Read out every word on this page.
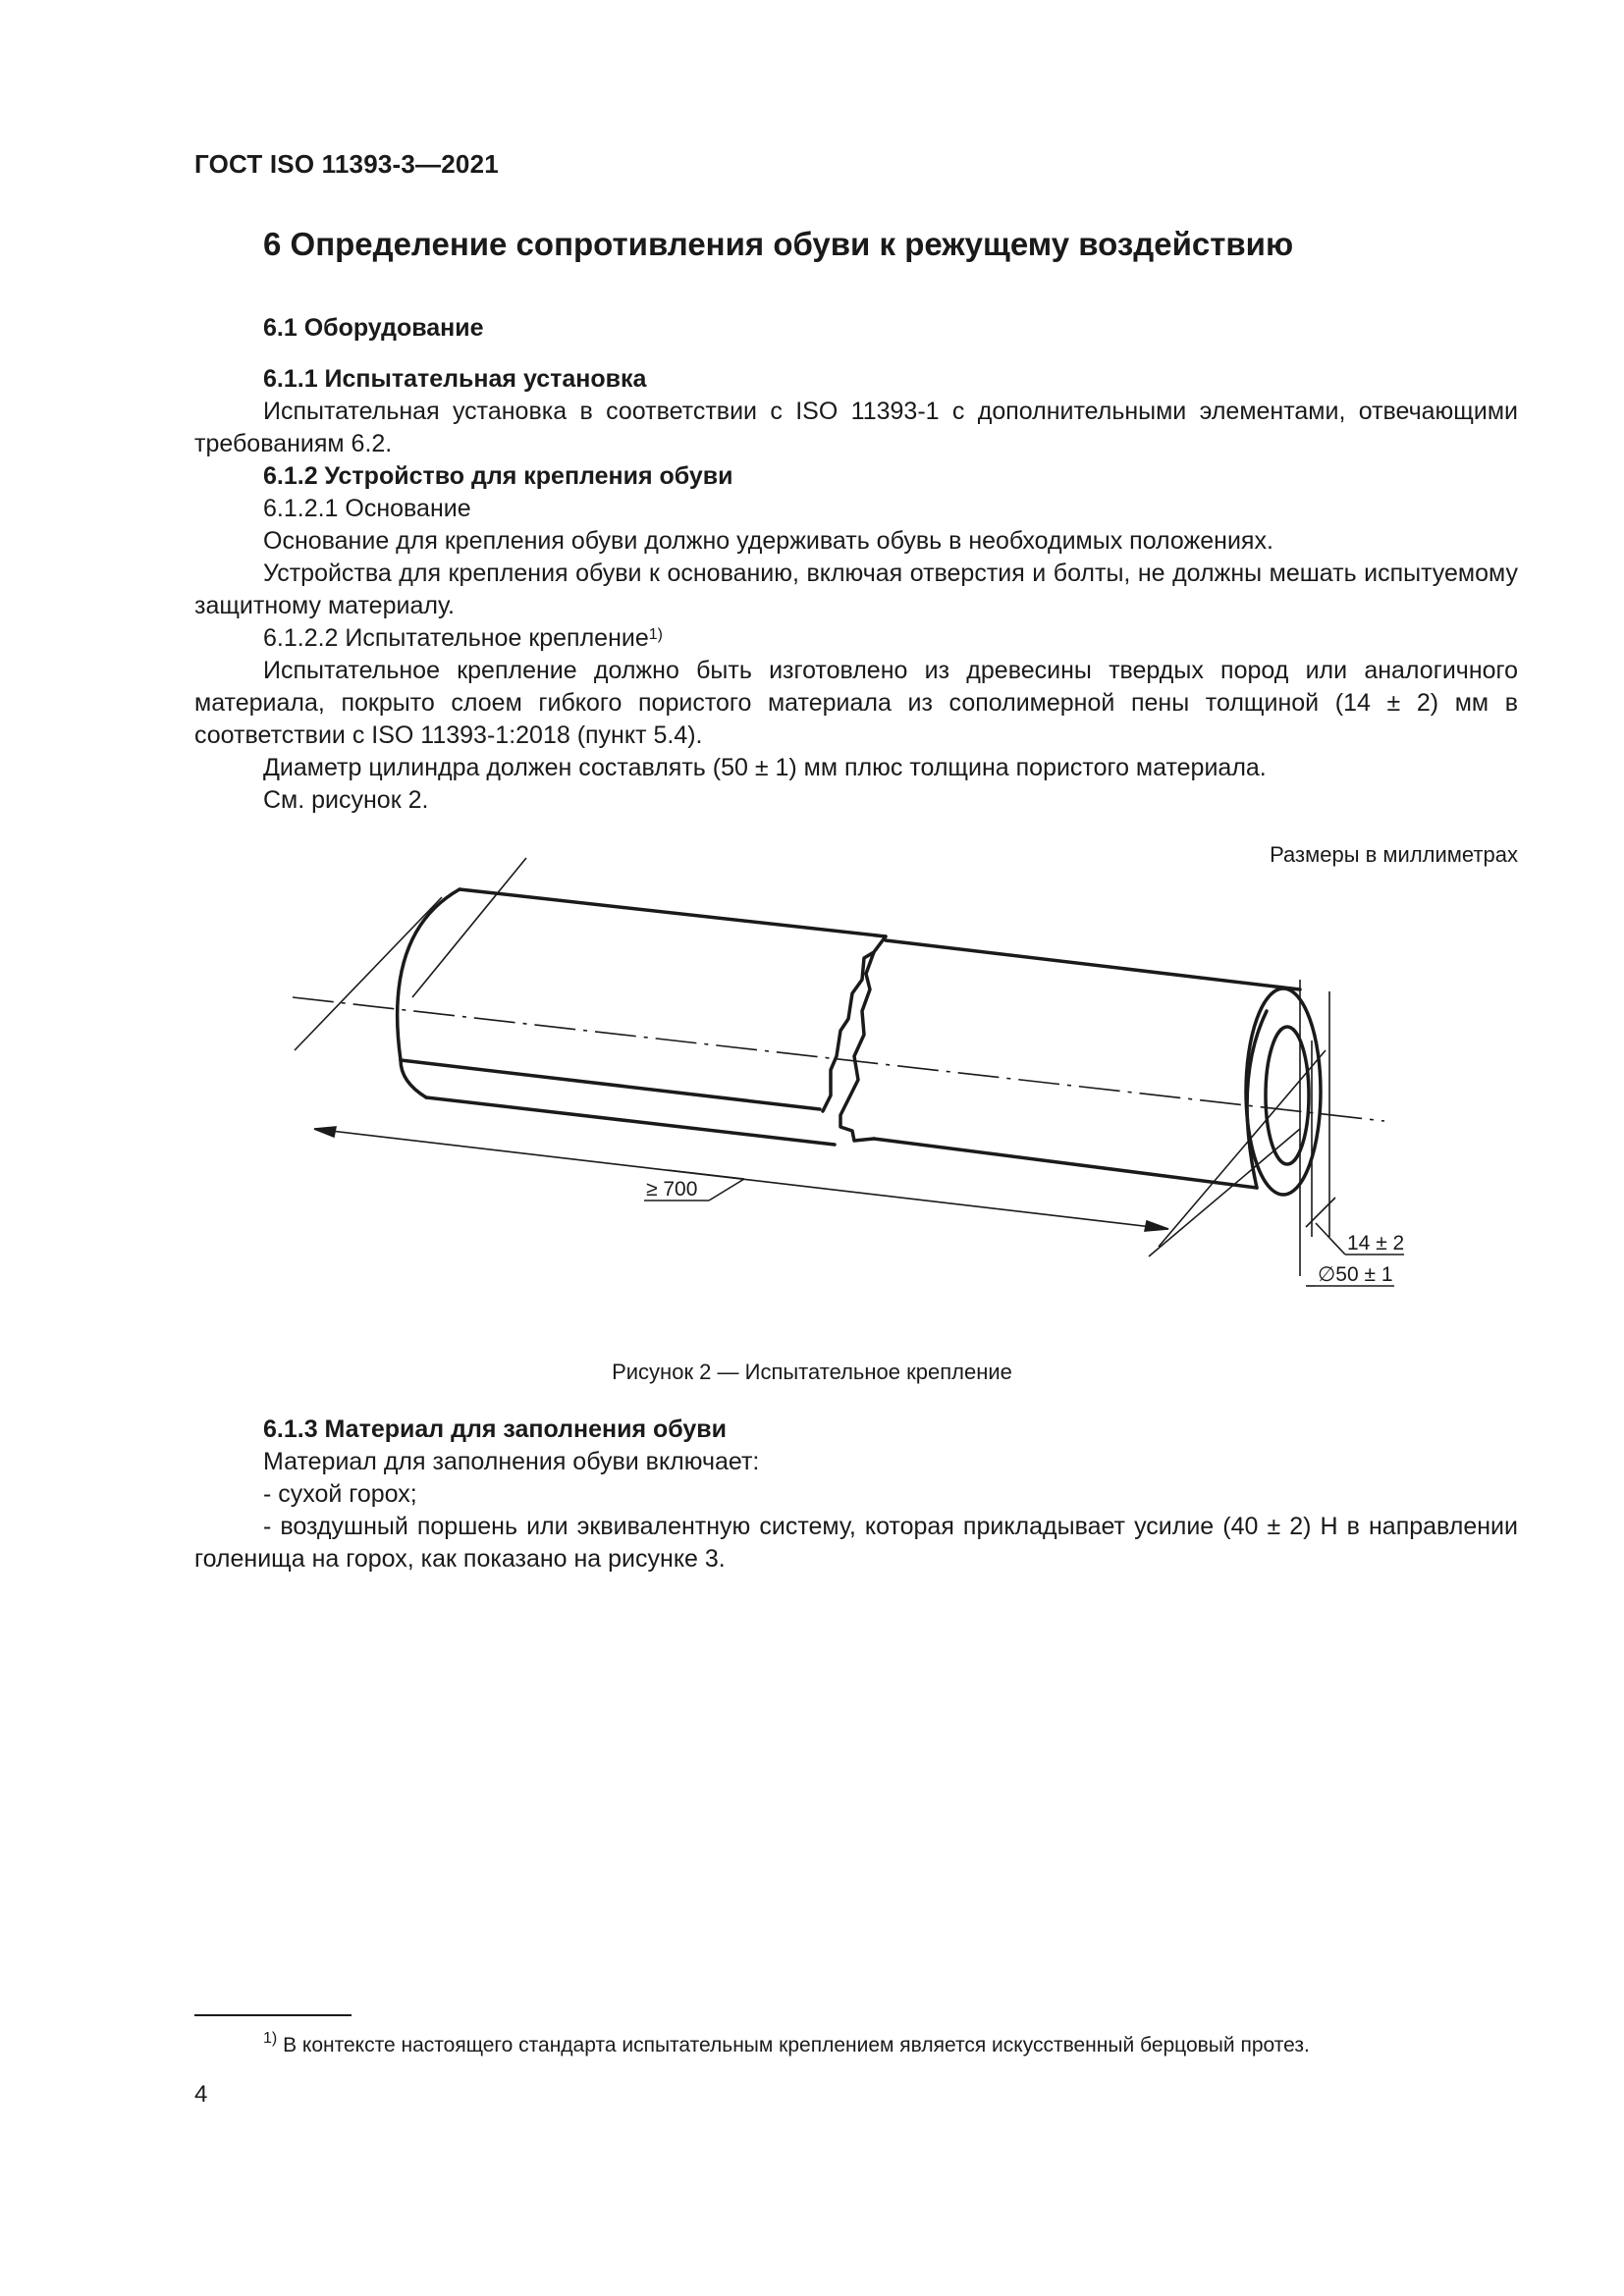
ГОСТ ISO 11393-3—2021
6 Определение сопротивления обуви к режущему воздействию
6.1 Оборудование
6.1.1 Испытательная установка
Испытательная установка в соответствии с ISO 11393-1 с дополнительными элементами, отвечающими требованиям 6.2.
6.1.2 Устройство для крепления обуви
6.1.2.1 Основание
Основание для крепления обуви должно удерживать обувь в необходимых положениях.
Устройства для крепления обуви к основанию, включая отверстия и болты, не должны мешать испытуемому защитному материалу.
6.1.2.2 Испытательное крепление$^{1)}$
Испытательное крепление должно быть изготовлено из древесины твердых пород или аналогичного материала, покрыто слоем гибкого пористого материала из сополимерной пены толщиной (14 ± 2) мм в соответствии с ISO 11393-1:2018 (пункт 5.4).
Диаметр цилиндра должен составлять (50 ± 1) мм плюс толщина пористого материала.
См. рисунок 2.
Размеры в миллиметрах
≥ 700
14 ± 2
∅50 ± 1
Рисунок 2 — Испытательное крепление
6.1.3 Материал для заполнения обуви
Материал для заполнения обуви включает:
- сухой горох;
- воздушный поршень или эквивалентную систему, которая прикладывает усилие (40 ± 2) Н в направлении голенища на горох, как показано на рисунке 3.
$^{1)}$ В контексте настоящего стандарта испытательным креплением является искусственный берцовый протез.
4
